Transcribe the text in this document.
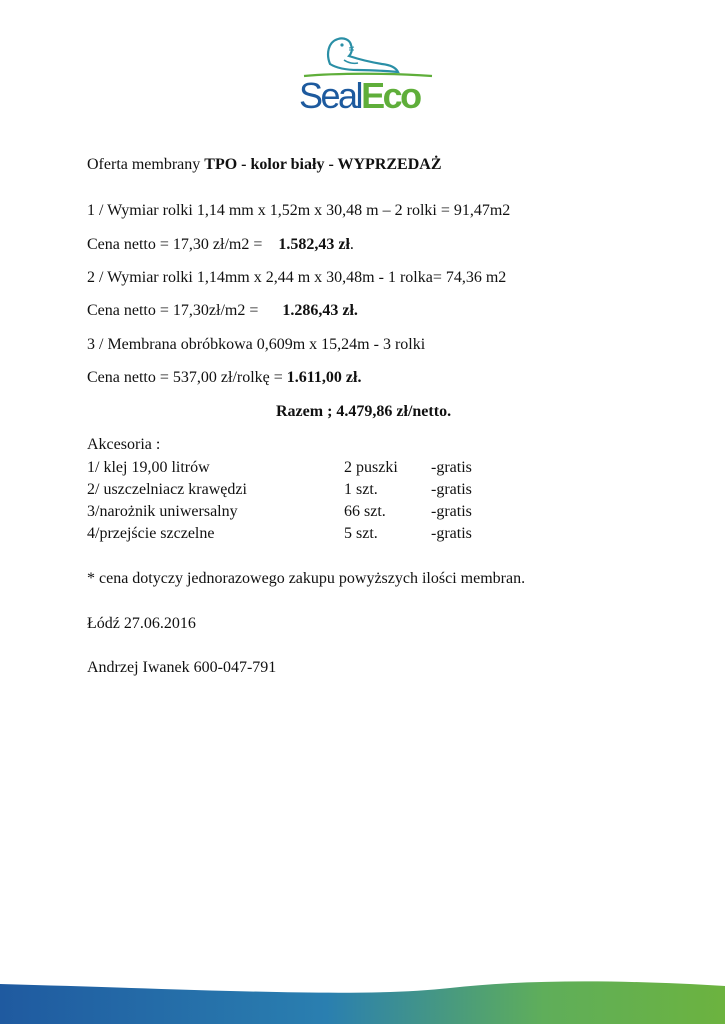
SealEco
Oferta membrany TPO - kolor biały - WYPRZEDAŻ
1 / Wymiar rolki 1,14 mm x 1,52m x 30,48 m – 2 rolki = 91,47m2
Cena netto = 17,30 zł/m2 = 1.582,43 zł.
2 / Wymiar rolki 1,14mm x 2,44 m x 30,48m - 1 rolka= 74,36 m2
Cena netto = 17,30zł/m2 = 1.286,43 zł.
3 / Membrana obróbkowa 0,609m x 15,24m - 3 rolki
Cena netto = 537,00 zł/rolkę = 1.611,00 zł.
Razem ; 4.479,86 zł/netto.
Akcesoria :
1/ klej 19,00 litrów	2 puszki -gratis
2/ uszczelniacz krawędzi	1 szt.	-gratis
3/narożnik uniwersalny	66 szt.	-gratis
4/przejście szczelne	5 szt.	-gratis
* cena dotyczy jednorazowego zakupu powyższych ilości membran.
Łódź 27.06.2016
Andrzej Iwanek 600-047-791
